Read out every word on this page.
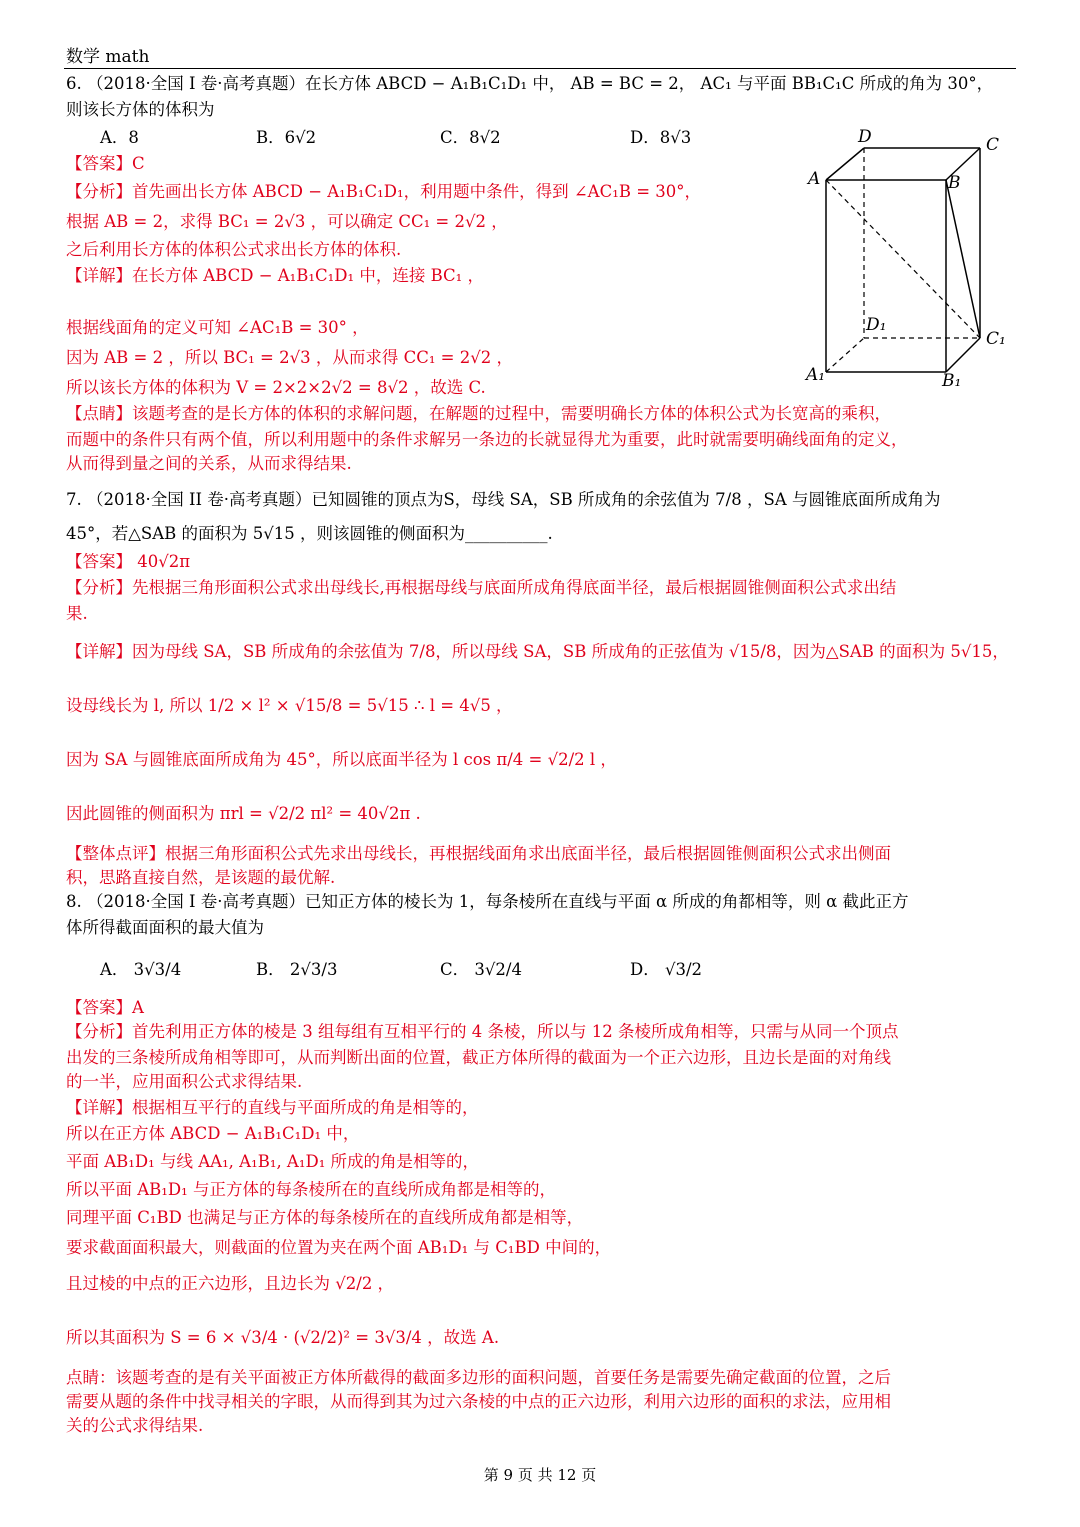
数学 math
6. （2018·全国 I 卷·高考真题）在长方体 ABCD − A₁B₁C₁D₁ 中， AB = BC = 2， AC₁ 与平面 BB₁C₁C 所成的角为 30°，
则该长方体的体积为
A．8	B．6√2	C．8√2	D．8√3
【答案】C
【分析】首先画出长方体 ABCD − A₁B₁C₁D₁，利用题中条件，得到 ∠AC₁B = 30°，
根据 AB = 2，求得 BC₁ = 2√3 ，可以确定 CC₁ = 2√2 ，
之后利用长方体的体积公式求出长方体的体积.
【详解】在长方体 ABCD − A₁B₁C₁D₁ 中，连接 BC₁ ，
根据线面角的定义可知 ∠AC₁B = 30° ，
因为 AB = 2 ，所以 BC₁ = 2√3 ，从而求得 CC₁ = 2√2 ，
所以该长方体的体积为 V = 2×2×2√2 = 8√2 ，故选 C.
【点睛】该题考查的是长方体的体积的求解问题，在解题的过程中，需要明确长方体的体积公式为长宽高的乘积，
而题中的条件只有两个值，所以利用题中的条件求解另一条边的长就显得尤为重要，此时就需要明确线面角的定义，
从而得到量之间的关系，从而求得结果.
D	C
A	B
D₁
C₁
A₁	B₁
7. （2018·全国 II 卷·高考真题）已知圆锥的顶点为S，母线 SA，SB 所成角的余弦值为 7/8 ，SA 与圆锥底面所成角为
45°，若△SAB 的面积为 5√15 ，则该圆锥的侧面积为__________.
【答案】 40√2π
【分析】先根据三角形面积公式求出母线长,再根据母线与底面所成角得底面半径，最后根据圆锥侧面积公式求出结
果.
【详解】因为母线 SA，SB 所成角的余弦值为 7/8，所以母线 SA，SB 所成角的正弦值为 √15/8，因为△SAB 的面积为 5√15，
设母线长为 l, 所以 1/2 × l² × √15/8 = 5√15 ∴ l = 4√5 ，
因为 SA 与圆锥底面所成角为 45°，所以底面半径为 l cos π/4 = √2/2 l ，
因此圆锥的侧面积为 πrl = √2/2 πl² = 40√2π .
【整体点评】根据三角形面积公式先求出母线长，再根据线面角求出底面半径，最后根据圆锥侧面积公式求出侧面
积，思路直接自然，是该题的最优解.
8. （2018·全国 I 卷·高考真题）已知正方体的棱长为 1，每条棱所在直线与平面 α 所成的角都相等，则 α 截此正方
体所得截面面积的最大值为
A． 3√3/4	B． 2√3/3	C． 3√2/4	D． √3/2
【答案】A
【分析】首先利用正方体的棱是 3 组每组有互相平行的 4 条棱，所以与 12 条棱所成角相等，只需与从同一个顶点
出发的三条棱所成角相等即可，从而判断出面的位置，截正方体所得的截面为一个正六边形，且边长是面的对角线
的一半，应用面积公式求得结果.
【详解】根据相互平行的直线与平面所成的角是相等的，
所以在正方体 ABCD − A₁B₁C₁D₁ 中，
平面 AB₁D₁ 与线 AA₁, A₁B₁, A₁D₁ 所成的角是相等的，
所以平面 AB₁D₁ 与正方体的每条棱所在的直线所成角都是相等的，
同理平面 C₁BD 也满足与正方体的每条棱所在的直线所成角都是相等，
要求截面面积最大，则截面的位置为夹在两个面 AB₁D₁ 与 C₁BD 中间的，
且过棱的中点的正六边形，且边长为 √2/2 ，
所以其面积为 S = 6 × √3/4 · (√2/2)² = 3√3/4 ，故选 A.
点睛：该题考查的是有关平面被正方体所截得的截面多边形的面积问题，首要任务是需要先确定截面的位置，之后
需要从题的条件中找寻相关的字眼，从而得到其为过六条棱的中点的正六边形，利用六边形的面积的求法，应用相
关的公式求得结果.
第 9 页 共 12 页
